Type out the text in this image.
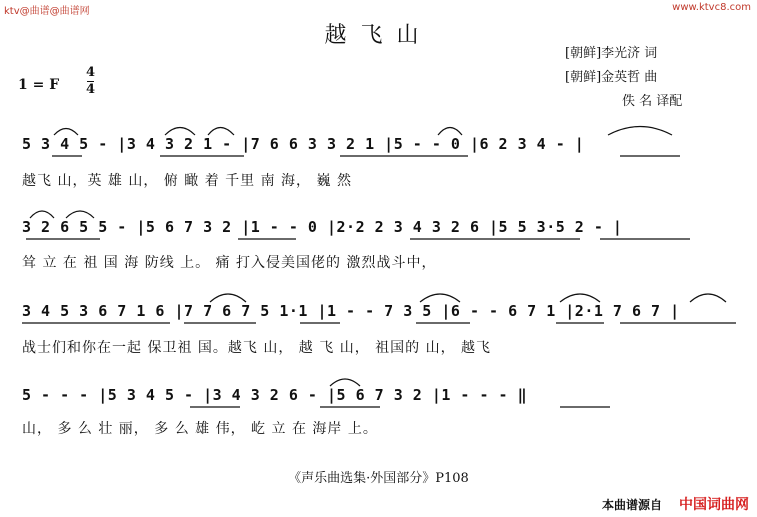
ktv@曲谱@曲谱网	www.ktvc8.com
越飞山
[朝鲜]李光济 词
[朝鲜]金英哲 曲
佚 名 译配
1 = F
4
4
5 3 4 5 - |3 4 3 2 1 - |7 6 6 3 3 2 1 |5 - - 0 |6 2 3 4 - |
越飞 山，英 雄 山， 俯 瞰 着 千里 南 海， 巍 然
3 2 6 5 5 - |5 6 7 3 2 |1 - - 0 |2·2 2 3 4 3 2 6 |5 5 3·5 2 - |
耸 立 在 祖 国 海 防线 上。 痛 打入侵美国佬的 激烈战斗中，
3 4 5 3 6 7 1 6 |7 7 6 7 5 1·1 |1 - - 7 3 5 |6 - - 6 7 1 |2·1 7 6 7 |
战士们和你在一起 保卫祖 国。越飞 山， 越 飞 山， 祖国的 山， 越飞
5 - - - |5 3 4 5 - |3 4 3 2 6 - |5 6 7 3 2 |1 - - - ‖
山， 多 么 壮 丽， 多 么 雄 伟， 屹 立 在 海岸 上。
《声乐曲选集·外国部分》P108
本曲谱源自 中国词曲网
